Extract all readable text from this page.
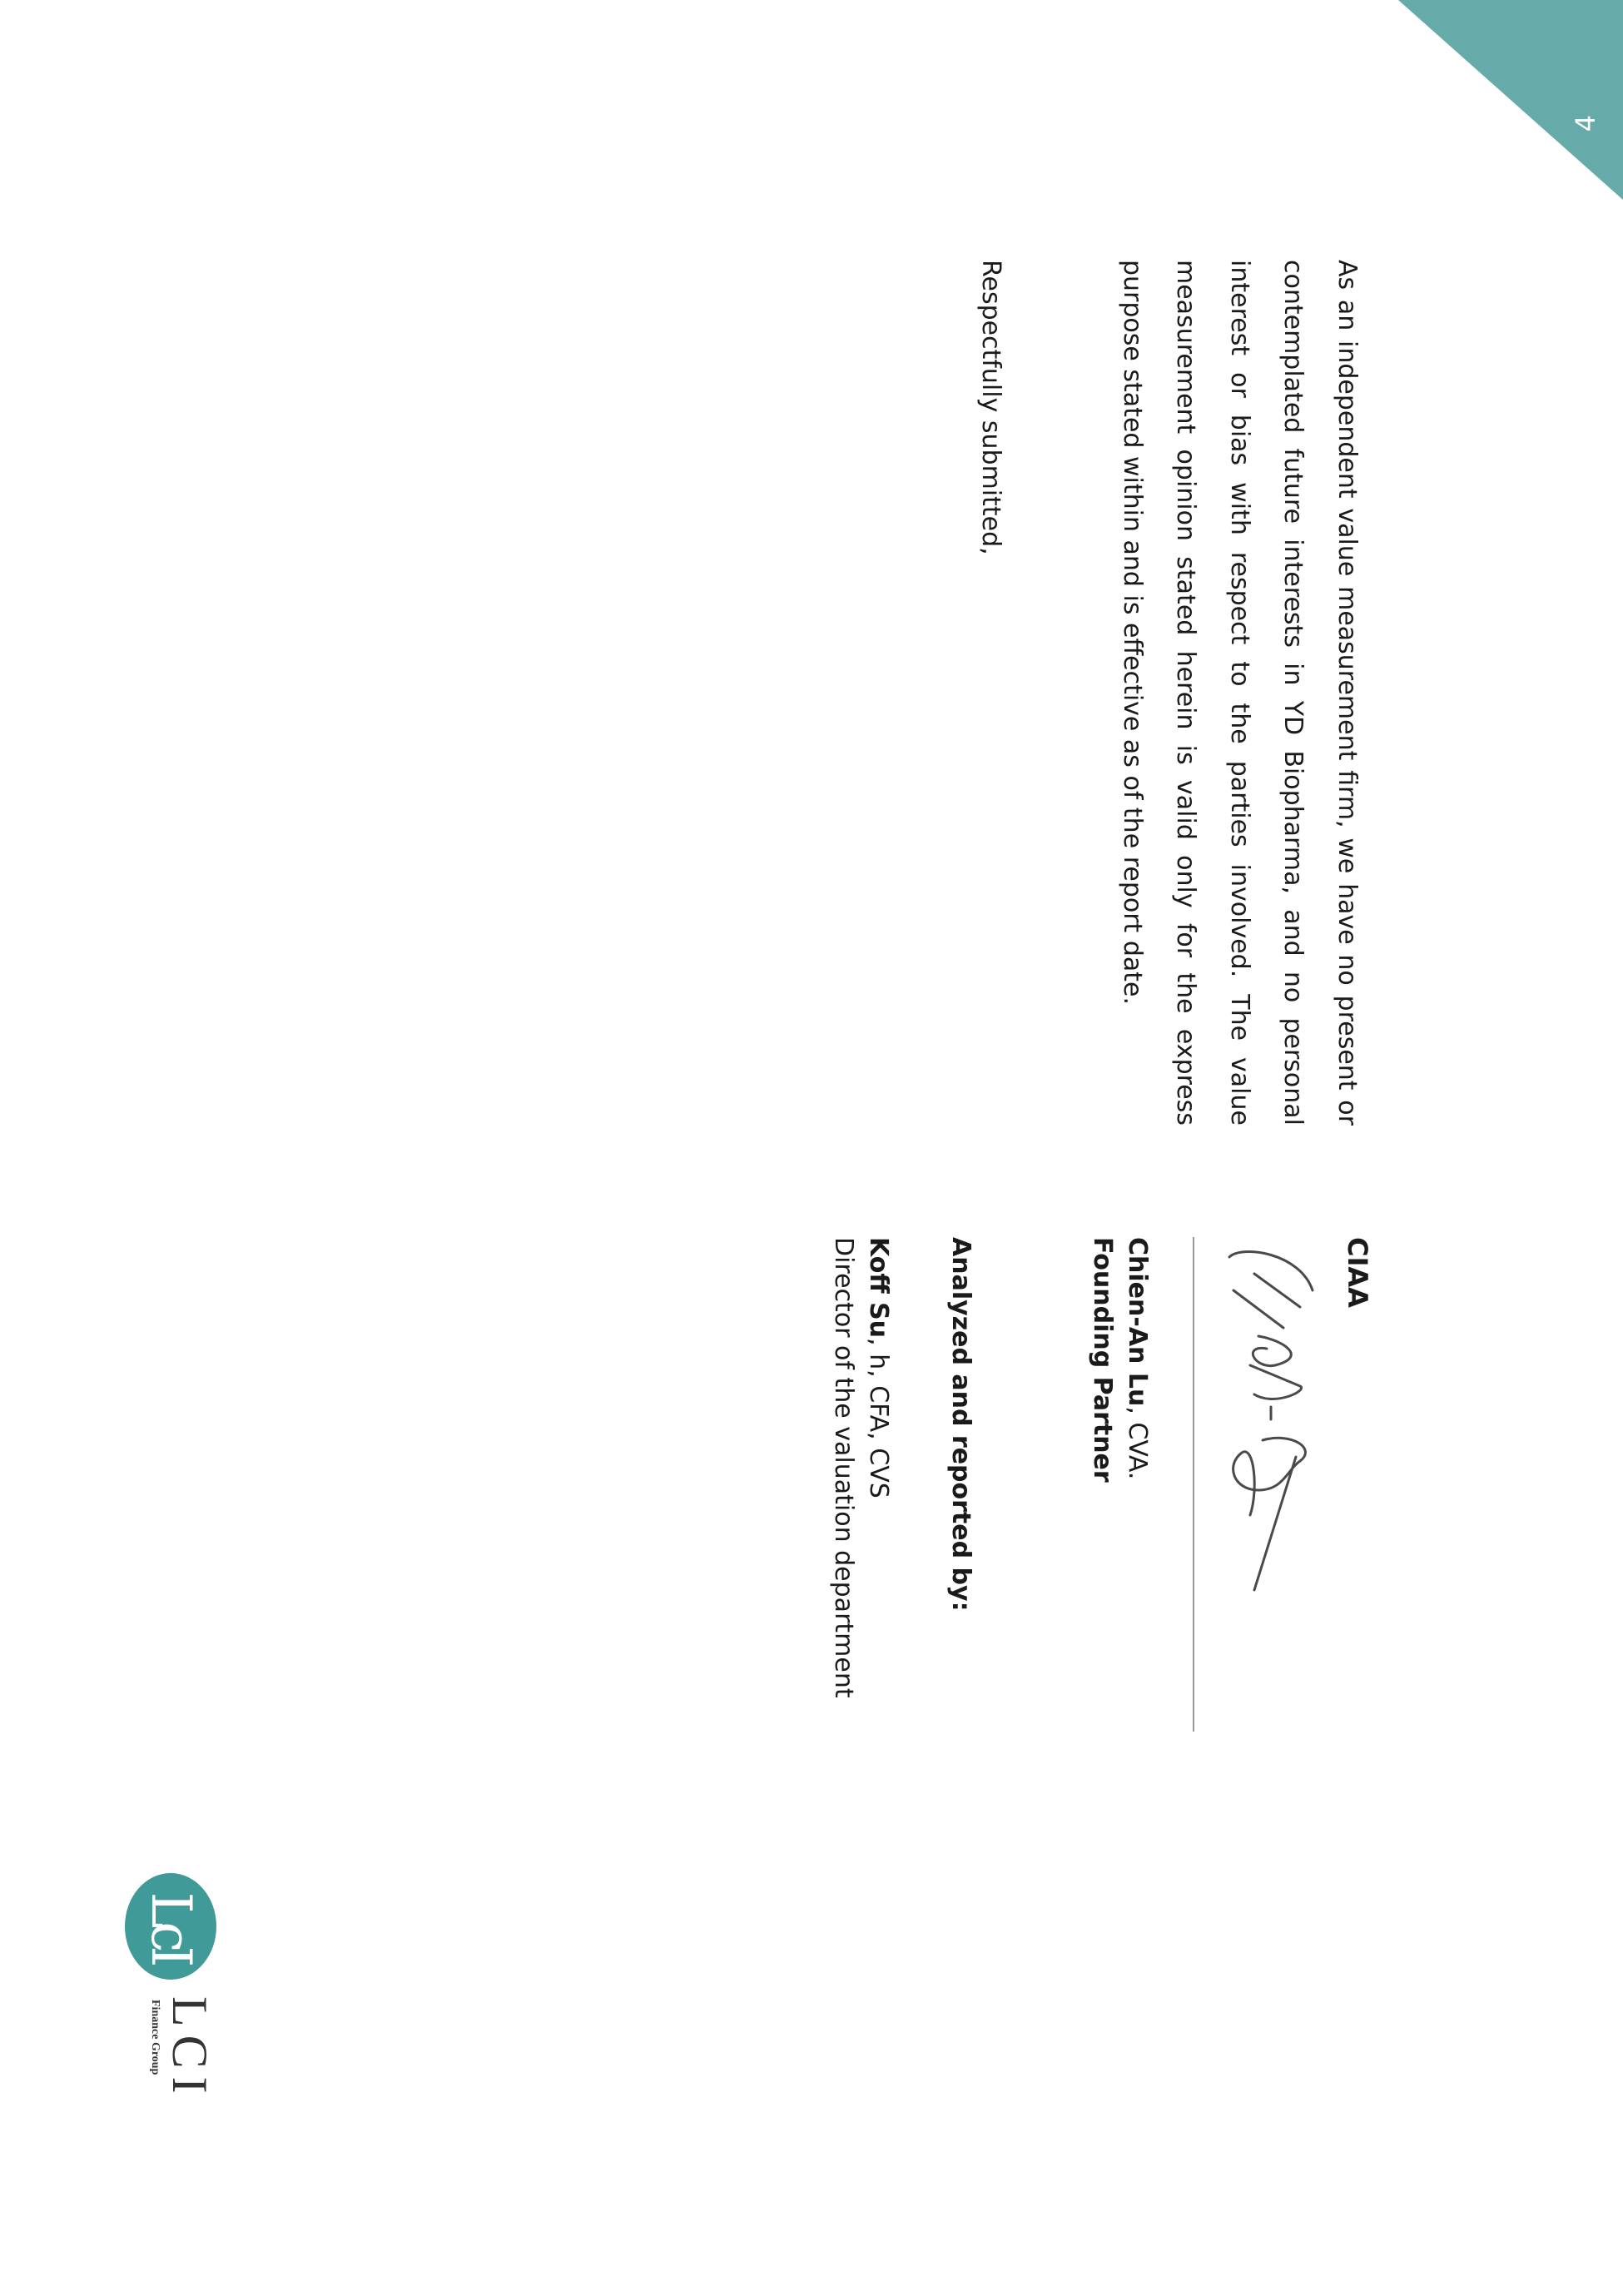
LcI
LCI
Finance Group
As an independent value measurement firm, we have no present or contemplated future interests in YD Biopharma, and no personal interest or bias with respect to the parties involved. The value measurement opinion stated herein is valid only for the express purpose stated within and is effective as of the report date.
Respectfully submitted,
CIAA
Chien-An Lu, CVA.
Founding Partner
Analyzed and reported by:
Koff Su, h, CFA, CVS
Director of the valuation department
4
